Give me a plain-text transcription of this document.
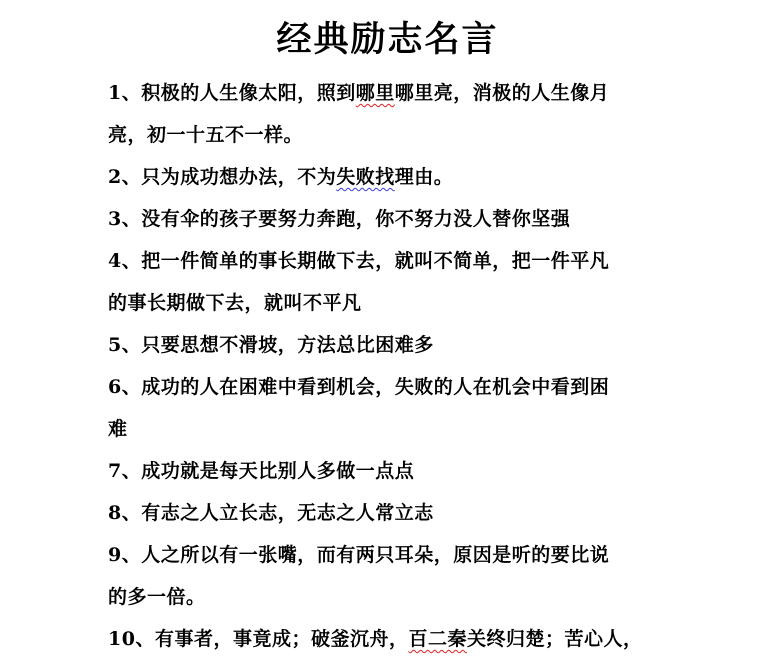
经典励志名言

1、积极的人生像太阳，照到哪里哪里亮，消极的人生像月

亮，初一十五不一样。

2、只为成功想办法，不为失败找理由。

3、没有伞的孩子要努力奔跑，你不努力没人替你坚强

4、把一件简单的事长期做下去，就叫不简单，把一件平凡

的事长期做下去，就叫不平凡

5、只要思想不滑坡，方法总比困难多

6、成功的人在困难中看到机会，失败的人在机会中看到困

难

7、成功就是每天比别人多做一点点

8、有志之人立长志，无志之人常立志

9、人之所以有一张嘴，而有两只耳朵，原因是听的要比说

的多一倍。

10、有事者，事竟成；破釜沉舟，百二秦关终归楚；苦心人，
